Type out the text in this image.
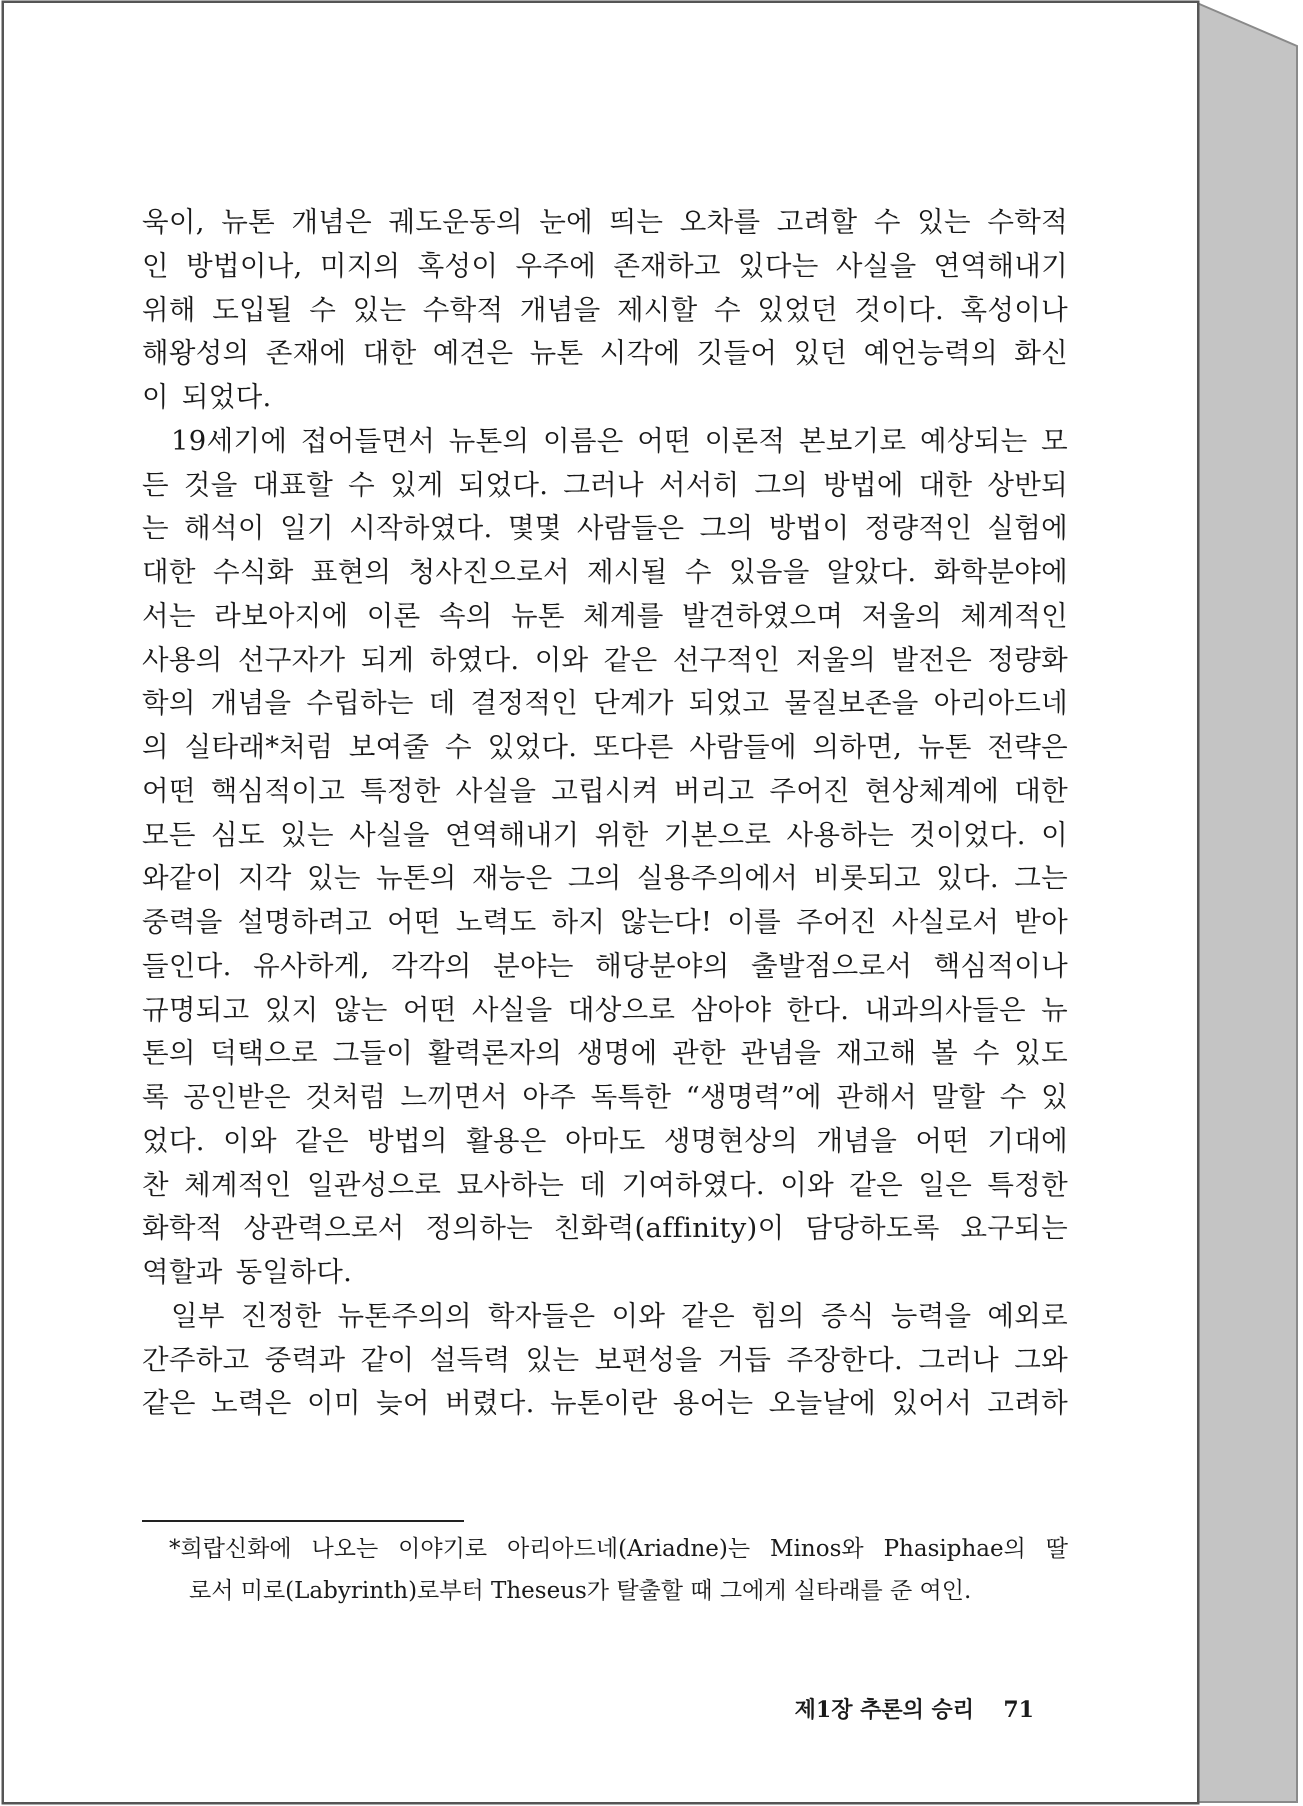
욱이, 뉴톤 개념은 궤도운동의 눈에 띄는 오차를 고려할 수 있는 수학적
인 방법이나, 미지의 혹성이 우주에 존재하고 있다는 사실을 연역해내기
위해 도입될 수 있는 수학적 개념을 제시할 수 있었던 것이다. 혹성이나
해왕성의 존재에 대한 예견은 뉴톤 시각에 깃들어 있던 예언능력의 화신
이 되었다.
19세기에 접어들면서 뉴톤의 이름은 어떤 이론적 본보기로 예상되는 모
든 것을 대표할 수 있게 되었다. 그러나 서서히 그의 방법에 대한 상반되
는 해석이 일기 시작하였다. 몇몇 사람들은 그의 방법이 정량적인 실험에
대한 수식화 표현의 청사진으로서 제시될 수 있음을 알았다. 화학분야에
서는 라보아지에 이론 속의 뉴톤 체계를 발견하였으며 저울의 체계적인
사용의 선구자가 되게 하였다. 이와 같은 선구적인 저울의 발전은 정량화
학의 개념을 수립하는 데 결정적인 단계가 되었고 물질보존을 아리아드네
의 실타래*처럼 보여줄 수 있었다. 또다른 사람들에 의하면, 뉴톤 전략은
어떤 핵심적이고 특정한 사실을 고립시켜 버리고 주어진 현상체계에 대한
모든 심도 있는 사실을 연역해내기 위한 기본으로 사용하는 것이었다. 이
와같이 지각 있는 뉴톤의 재능은 그의 실용주의에서 비롯되고 있다. 그는
중력을 설명하려고 어떤 노력도 하지 않는다! 이를 주어진 사실로서 받아
들인다. 유사하게, 각각의 분야는 해당분야의 출발점으로서 핵심적이나
규명되고 있지 않는 어떤 사실을 대상으로 삼아야 한다. 내과의사들은 뉴
톤의 덕택으로 그들이 활력론자의 생명에 관한 관념을 재고해 볼 수 있도
록 공인받은 것처럼 느끼면서 아주 독특한 “생명력”에 관해서 말할 수 있
었다. 이와 같은 방법의 활용은 아마도 생명현상의 개념을 어떤 기대에
찬 체계적인 일관성으로 묘사하는 데 기여하였다. 이와 같은 일은 특정한
화학적 상관력으로서 정의하는 친화력(affinity)이 담당하도록 요구되는
역할과 동일하다.
일부 진정한 뉴톤주의의 학자들은 이와 같은 힘의 증식 능력을 예외로
간주하고 중력과 같이 설득력 있는 보편성을 거듭 주장한다. 그러나 그와
같은 노력은 이미 늦어 버렸다. 뉴톤이란 용어는 오늘날에 있어서 고려하
*희랍신화에 나오는 이야기로 아리아드네(Ariadne)는 Minos와 Phasiphae의 딸
로서 미로(Labyrinth)로부터 Theseus가 탈출할 때 그에게 실타래를 준 여인.
제1장 추론의 승리 71
